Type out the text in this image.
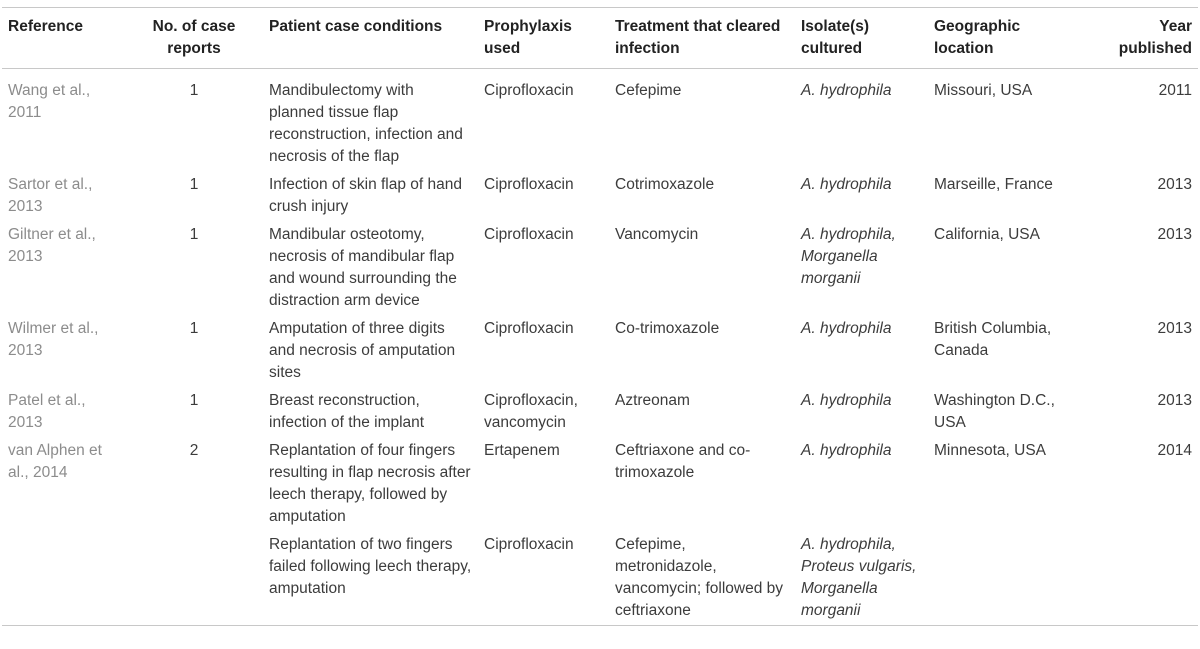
Reference	No. of case reports	Patient case conditions	Prophylaxis used	Treatment that cleared infection	Isolate(s) cultured	Geographic location	Year published
Wang et al., 2011	1	Mandibulectomy with planned tissue flap reconstruction, infection and necrosis of the flap	Ciprofloxacin	Cefepime	A. hydrophila	Missouri, USA	2011
Sartor et al., 2013	1	Infection of skin flap of hand crush injury	Ciprofloxacin	Cotrimoxazole	A. hydrophila	Marseille, France	2013
Giltner et al., 2013	1	Mandibular osteotomy, necrosis of mandibular flap and wound surrounding the distraction arm device	Ciprofloxacin	Vancomycin	A. hydrophila, Morganella morganii	California, USA	2013
Wilmer et al., 2013	1	Amputation of three digits and necrosis of amputation sites	Ciprofloxacin	Co-trimoxazole	A. hydrophila	British Columbia, Canada	2013
Patel et al., 2013	1	Breast reconstruction, infection of the implant	Ciprofloxacin, vancomycin	Aztreonam	A. hydrophila	Washington D.C., USA	2013
van Alphen et al., 2014	2	Replantation of four fingers resulting in flap necrosis after leech therapy, followed by amputation	Ertapenem	Ceftriaxone and co-trimoxazole	A. hydrophila	Minnesota, USA	2014
		Replantation of two fingers failed following leech therapy, amputation	Ciprofloxacin	Cefepime, metronidazole, vancomycin; followed by ceftriaxone	A. hydrophila, Proteus vulgaris, Morganella morganii		
